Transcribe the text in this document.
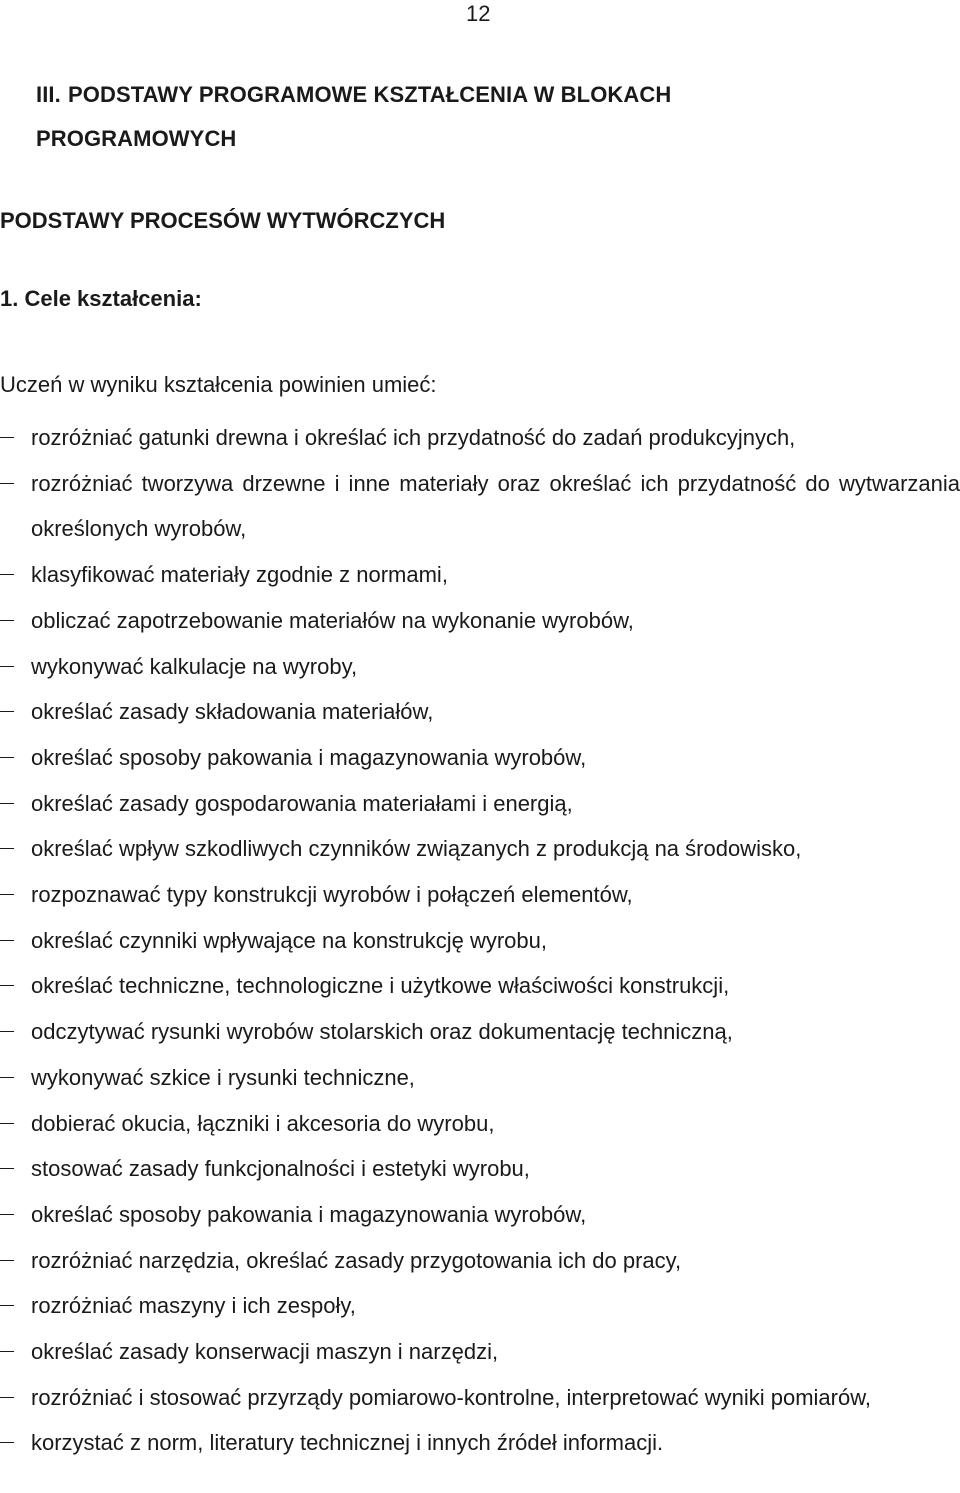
12
III. PODSTAWY PROGRAMOWE KSZTAŁCENIA W BLOKACH
PROGRAMOWYCH
PODSTAWY PROCESÓW WYTWÓRCZYCH
1. Cele kształcenia:
Uczeń w wyniku kształcenia powinien umieć:
rozróżniać gatunki drewna i określać ich przydatność do zadań produkcyjnych,
rozróżniać tworzywa drzewne i inne materiały oraz określać ich przydatność do wytwarzania określonych wyrobów,
klasyfikować materiały zgodnie z normami,
obliczać zapotrzebowanie materiałów na wykonanie wyrobów,
wykonywać kalkulacje na wyroby,
określać zasady składowania materiałów,
określać sposoby pakowania i magazynowania wyrobów,
określać zasady gospodarowania materiałami i energią,
określać wpływ szkodliwych czynników związanych z produkcją na środowisko,
rozpoznawać typy konstrukcji wyrobów i połączeń elementów,
określać czynniki wpływające na konstrukcję wyrobu,
określać techniczne, technologiczne i użytkowe właściwości konstrukcji,
odczytywać rysunki wyrobów stolarskich oraz dokumentację techniczną,
wykonywać szkice i rysunki techniczne,
dobierać okucia, łączniki i akcesoria do wyrobu,
stosować zasady funkcjonalności i estetyki wyrobu,
określać sposoby pakowania i magazynowania wyrobów,
rozróżniać narzędzia, określać zasady przygotowania ich do pracy,
rozróżniać maszyny i ich zespoły,
określać zasady konserwacji maszyn i narzędzi,
rozróżniać i stosować przyrządy pomiarowo-kontrolne, interpretować wyniki pomiarów,
korzystać z norm, literatury technicznej i innych źródeł informacji.
